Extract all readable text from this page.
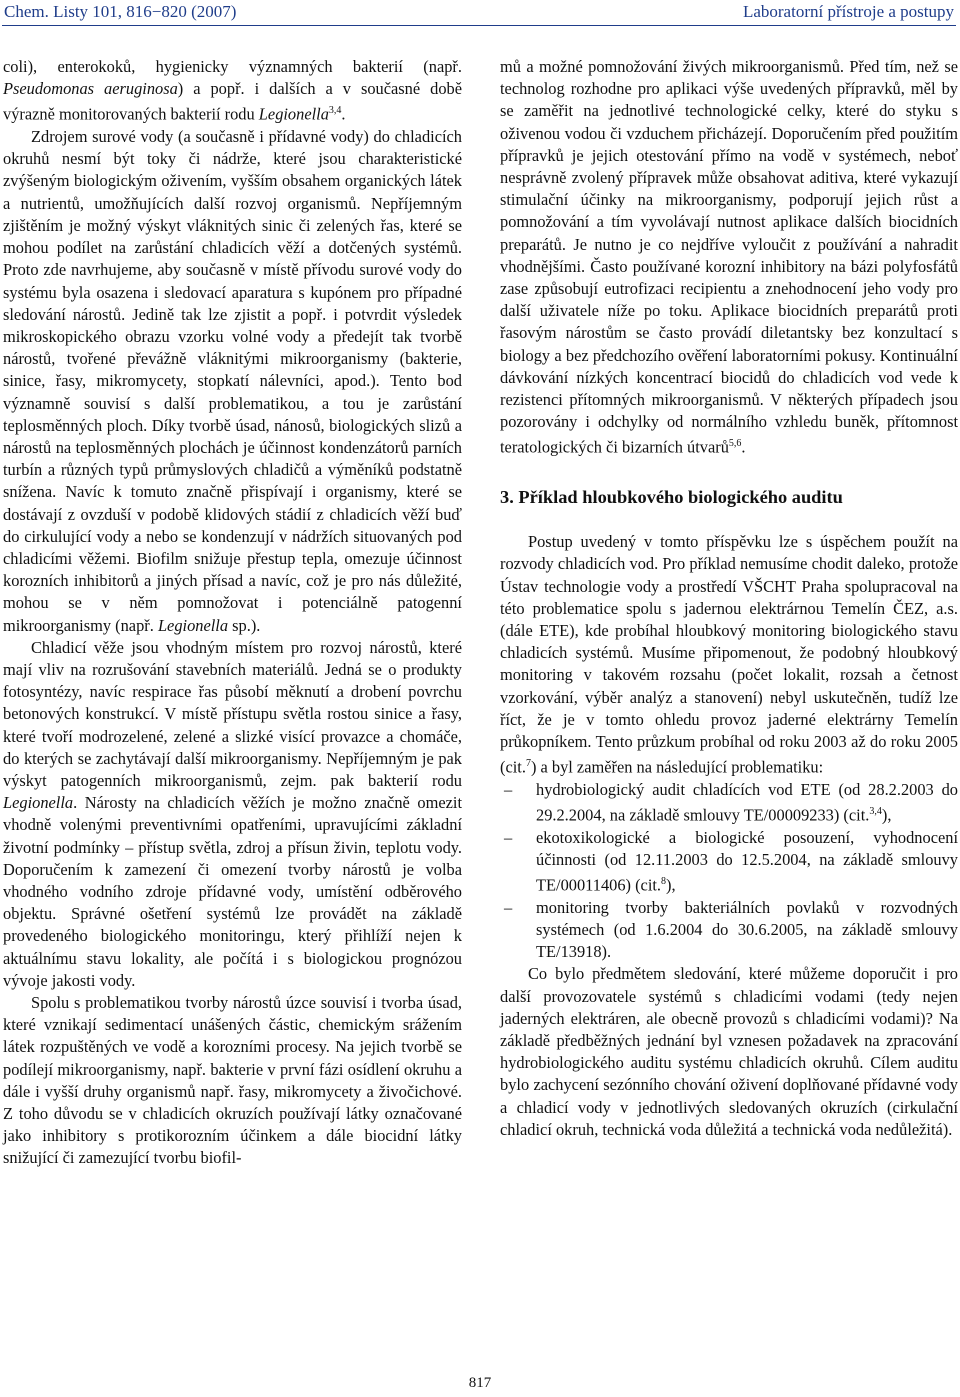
Chem. Listy 101, 816−820 (2007)	Laboratorní přístroje a postupy

coli), enterokoků, hygienicky významných bakterií (např. Pseudomonas aeruginosa) a popř. i dalších a v současné době výrazně monitorovaných bakterií rodu Legionella$^{3,4}$.

Zdrojem surové vody (a současně i přídavné vody) do chladicích okruhů nesmí být toky či nádrže, které jsou charakteristické zvýšeným biologickým oživením, vyšším obsahem organických látek a nutrientů, umožňujících další rozvoj organismů. Nepříjemným zjištěním je možný výskyt vláknitých sinic či zelených řas, které se mohou podílet na zarůstání chladicích věží a dotčených systémů. Proto zde navrhujeme, aby současně v místě přívodu surové vody do systému byla osazena i sledovací aparatura s kupónem pro případné sledování nárostů. Jedině tak lze zjistit a popř. i potvrdit výsledek mikroskopického obrazu vzorku volné vody a předejít tak tvorbě nárostů, tvořené převážně vláknitými mikroorganismy (bakterie, sinice, řasy, mikromycety, stopkatí nálevníci, apod.). Tento bod významně souvisí s další problematikou, a tou je zarůstání teplosměnných ploch. Díky tvorbě úsad, nánosů, biologických slizů a nárostů na teplosměnných plochách je účinnost kondenzátorů parních turbín a různých typů průmyslových chladičů a výměníků podstatně snížena. Navíc k tomuto značně přispívají i organismy, které se dostávají z ovzduší v podobě klidových stádií z chladicích věží buď do cirkulující vody a nebo se kondenzují v nádržích situovaných pod chladicími věžemi. Biofilm snižuje přestup tepla, omezuje účinnost korozních inhibitorů a jiných přísad a navíc, což je pro nás důležité, mohou se v něm pomnožovat i potenciálně patogenní mikroorganismy (např. Legionella sp.).

Chladicí věže jsou vhodným místem pro rozvoj nárostů, které mají vliv na rozrušování stavebních materiálů. Jedná se o produkty fotosyntézy, navíc respirace řas působí měknutí a drobení povrchu betonových konstrukcí. V místě přístupu světla rostou sinice a řasy, které tvoří modrozelené, zelené a slizké visící provazce a chomáče, do kterých se zachytávají další mikroorganismy. Nepříjemným je pak výskyt patogenních mikroorganismů, zejm. pak bakterií rodu Legionella. Nárosty na chladicích věžích je možno značně omezit vhodně volenými preventivními opatřeními, upravujícími základní životní podmínky – přístup světla, zdroj a přísun živin, teplotu vody. Doporučením k zamezení či omezení tvorby nárostů je volba vhodného vodního zdroje přídavné vody, umístění odběrového objektu. Správné ošetření systémů lze provádět na základě provedeného biologického monitoringu, který přihlíží nejen k aktuálnímu stavu lokality, ale počítá i s biologickou prognózou vývoje jakosti vody.

Spolu s problematikou tvorby nárostů úzce souvisí i tvorba úsad, které vznikají sedimentací unášených částic, chemickým srážením látek rozpuštěných ve vodě a korozními procesy. Na jejich tvorbě se podílejí mikroorganismy, např. bakterie v první fázi osídlení okruhu a dále i vyšší druhy organismů např. řasy, mikromycety a živočichové. Z toho důvodu se v chladicích okruzích používají látky označované jako inhibitory s protikorozním účinkem a dále biocidní látky snižující či zamezující tvorbu biofil-

mů a možné pomnožování živých mikroorganismů. Před tím, než se technolog rozhodne pro aplikaci výše uvedených přípravků, měl by se zaměřit na jednotlivé technologické celky, které do styku s oživenou vodou či vzduchem přicházejí. Doporučením před použitím přípravků je jejich otestování přímo na vodě v systémech, neboť nesprávně zvolený přípravek může obsahovat aditiva, které vykazují stimulační účinky na mikroorganismy, podporují jejich růst a pomnožování a tím vyvolávají nutnost aplikace dalších biocidních preparátů. Je nutno je co nejdříve vyloučit z používání a nahradit vhodnějšími. Často používané korozní inhibitory na bázi polyfosfátů zase způsobují eutrofizaci recipientu a znehodnocení jeho vody pro další uživatele níže po toku. Aplikace biocidních preparátů proti řasovým nárostům se často provádí diletantsky bez konzultací s biology a bez předchozího ověření laboratorními pokusy. Kontinuální dávkování nízkých koncentrací biocidů do chladicích vod vede k rezistenci přítomných mikroorganismů. V některých případech jsou pozorovány i odchylky od normálního vzhledu buněk, přítomnost teratologických či bizarních útvarů$^{5,6}$.

3. Příklad hloubkového biologického auditu

Postup uvedený v tomto příspěvku lze s úspěchem použít na rozvody chladicích vod. Pro příklad nemusíme chodit daleko, protože Ústav technologie vody a prostředí VŠCHT Praha spolupracoval na této problematice spolu s jadernou elektrárnou Temelín ČEZ, a.s. (dále ETE), kde probíhal hloubkový monitoring biologického stavu chladicích systémů. Musíme připomenout, že podobný hloubkový monitoring v takovém rozsahu (počet lokalit, rozsah a četnost vzorkování, výběr analýz a stanovení) nebyl uskutečněn, tudíž lze říct, že je v tomto ohledu provoz jaderné elektrárny Temelín průkopníkem. Tento průzkum probíhal od roku 2003 až do roku 2005 (cit.$^7$) a byl zaměřen na následující problematiku:

– hydrobiologický audit chladících vod ETE (od 28.2.2003 do 29.2.2004, na základě smlouvy TE/00009233) (cit.$^{3,4}$),
– ekotoxikologické a biologické posouzení, vyhodnocení účinnosti (od 12.11.2003 do 12.5.2004, na základě smlouvy TE/00011406) (cit.$^8$),
– monitoring tvorby bakteriálních povlaků v rozvodných systémech (od 1.6.2004 do 30.6.2005, na základě smlouvy TE/13918).

Co bylo předmětem sledování, které můžeme doporučit i pro další provozovatele systémů s chladicími vodami (tedy nejen jaderných elektráren, ale obecně provozů s chladicími vodami)? Na základě předběžných jednání byl vznesen požadavek na zpracování hydrobiologického auditu systému chladicích okruhů. Cílem auditu bylo zachycení sezónního chování oživení doplňované přídavné vody a chladicí vody v jednotlivých sledovaných okruzích (cirkulační chladicí okruh, technická voda důležitá a technická voda nedůležitá).

817
